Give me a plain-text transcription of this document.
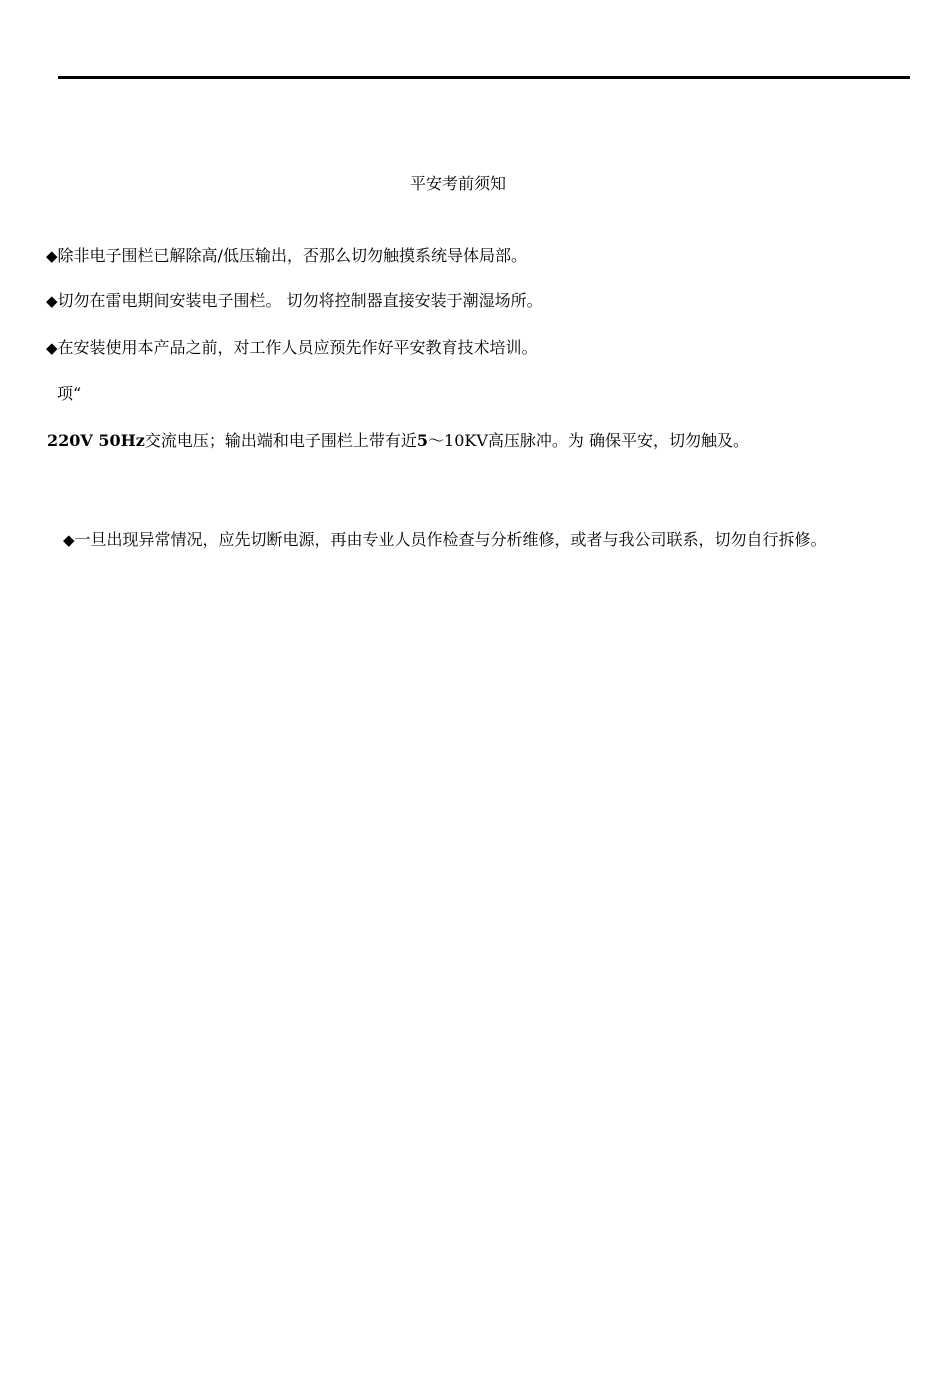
平安考前须知
◆除非电子围栏已解除高/低压输出，否那么切勿触摸系统导体局部。
◆切勿在雷电期间安装电子围栏。 切勿将控制器直接安装于潮湿场所。
◆在安装使用本产品之前，对工作人员应预先作好平安教育技术培训。
项“
220V 50Hz交流电压；输出端和电子围栏上带有近5～10KV高压脉冲。为 确保平安，切勿触及。
◆一旦出现异常情况，应先切断电源，再由专业人员作检查与分析维修，或者与我公司联系，切勿自行拆修。
